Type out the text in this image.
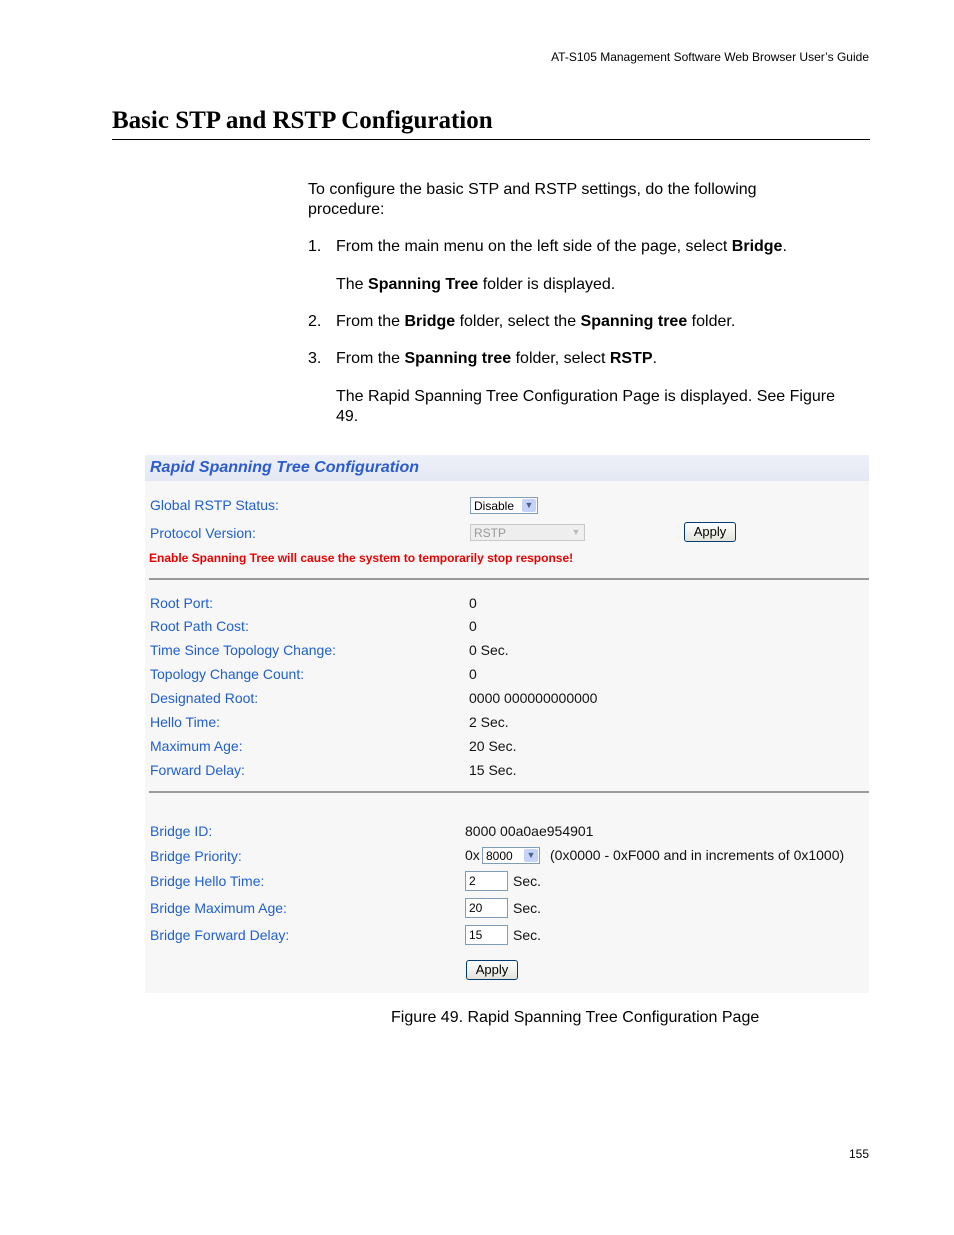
AT-S105 Management Software Web Browser User’s Guide
Basic STP and RSTP Configuration

To configure the basic STP and RSTP settings, do the following procedure:

1. From the main menu on the left side of the page, select Bridge.
The Spanning Tree folder is displayed.
2. From the Bridge folder, select the Spanning tree folder.
3. From the Spanning tree folder, select RSTP.

The Rapid Spanning Tree Configuration Page is displayed. See Figure 49.

Rapid Spanning Tree Configuration
Global RSTP Status:	Disable ▼
Protocol Version:	RSTP	▼	Apply
Enable Spanning Tree will cause the system to temporarily stop response!
Root Port:	0
Root Path Cost:	0
Time Since Topology Change:	0 Sec.
Topology Change Count:	0
Designated Root:	0000 000000000000
Hello Time:	2 Sec.
Maximum Age:	20 Sec.
Forward Delay:	15 Sec.
Bridge ID:	8000 00a0ae954901
Bridge Priority:	0x 8000 ▼ (0x0000 - 0xF000 and in increments of 0x1000)
Bridge Hello Time:
2	Sec.
Bridge Maximum Age:
20	Sec.
Bridge Forward Delay:
15	Sec.
Apply
Figure 49. Rapid Spanning Tree Configuration Page
155
